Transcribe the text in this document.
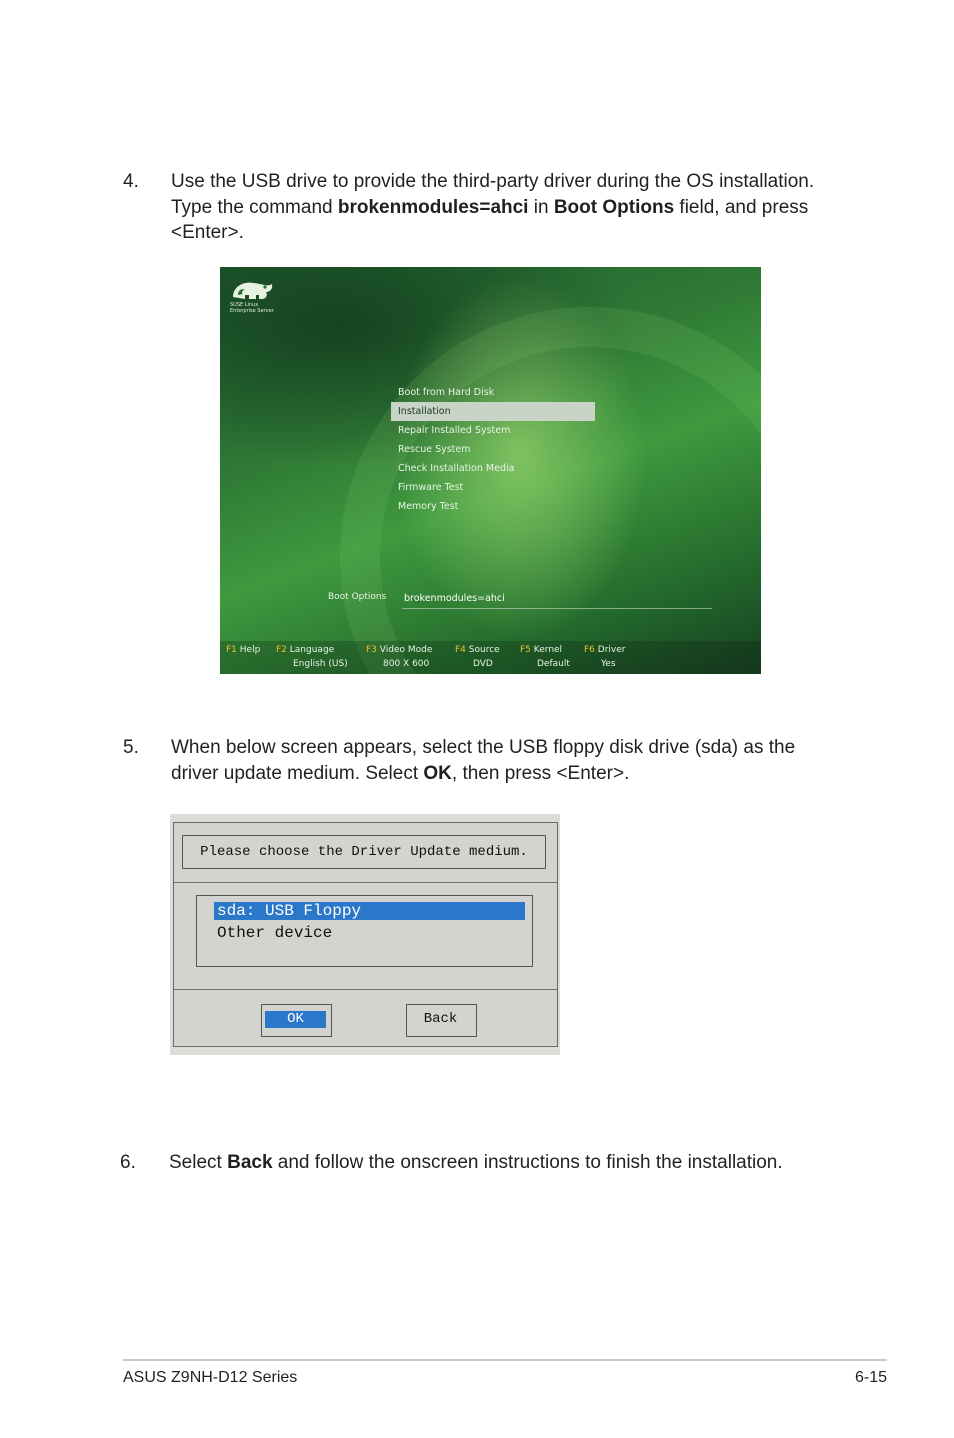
4. Use the USB drive to provide the third-party driver during the OS installation.
Type the command brokenmodules=ahci in Boot Options field, and press
<Enter>.
SUSE Linux
Enterprise Server
Boot from Hard Disk
Installation
Repair Installed System
Rescue System
Check Installation Media
Firmware Test
Memory Test
Boot Options brokenmodules=ahci
F1 Help F2 Language
English (US)
F3 Video Mode
800 X 600
F4 Source
DVD
F5 Kernel
Default
F6 Driver
Yes
5. When below screen appears, select the USB floppy disk drive (sda) as the
driver update medium. Select OK, then press <Enter>.
Please choose the Driver Update medium.
sda: USB Floppy
Other device
OK	Back
6. Select Back and follow the onscreen instructions to finish the installation.
ASUS Z9NH-D12 Series	6-15
